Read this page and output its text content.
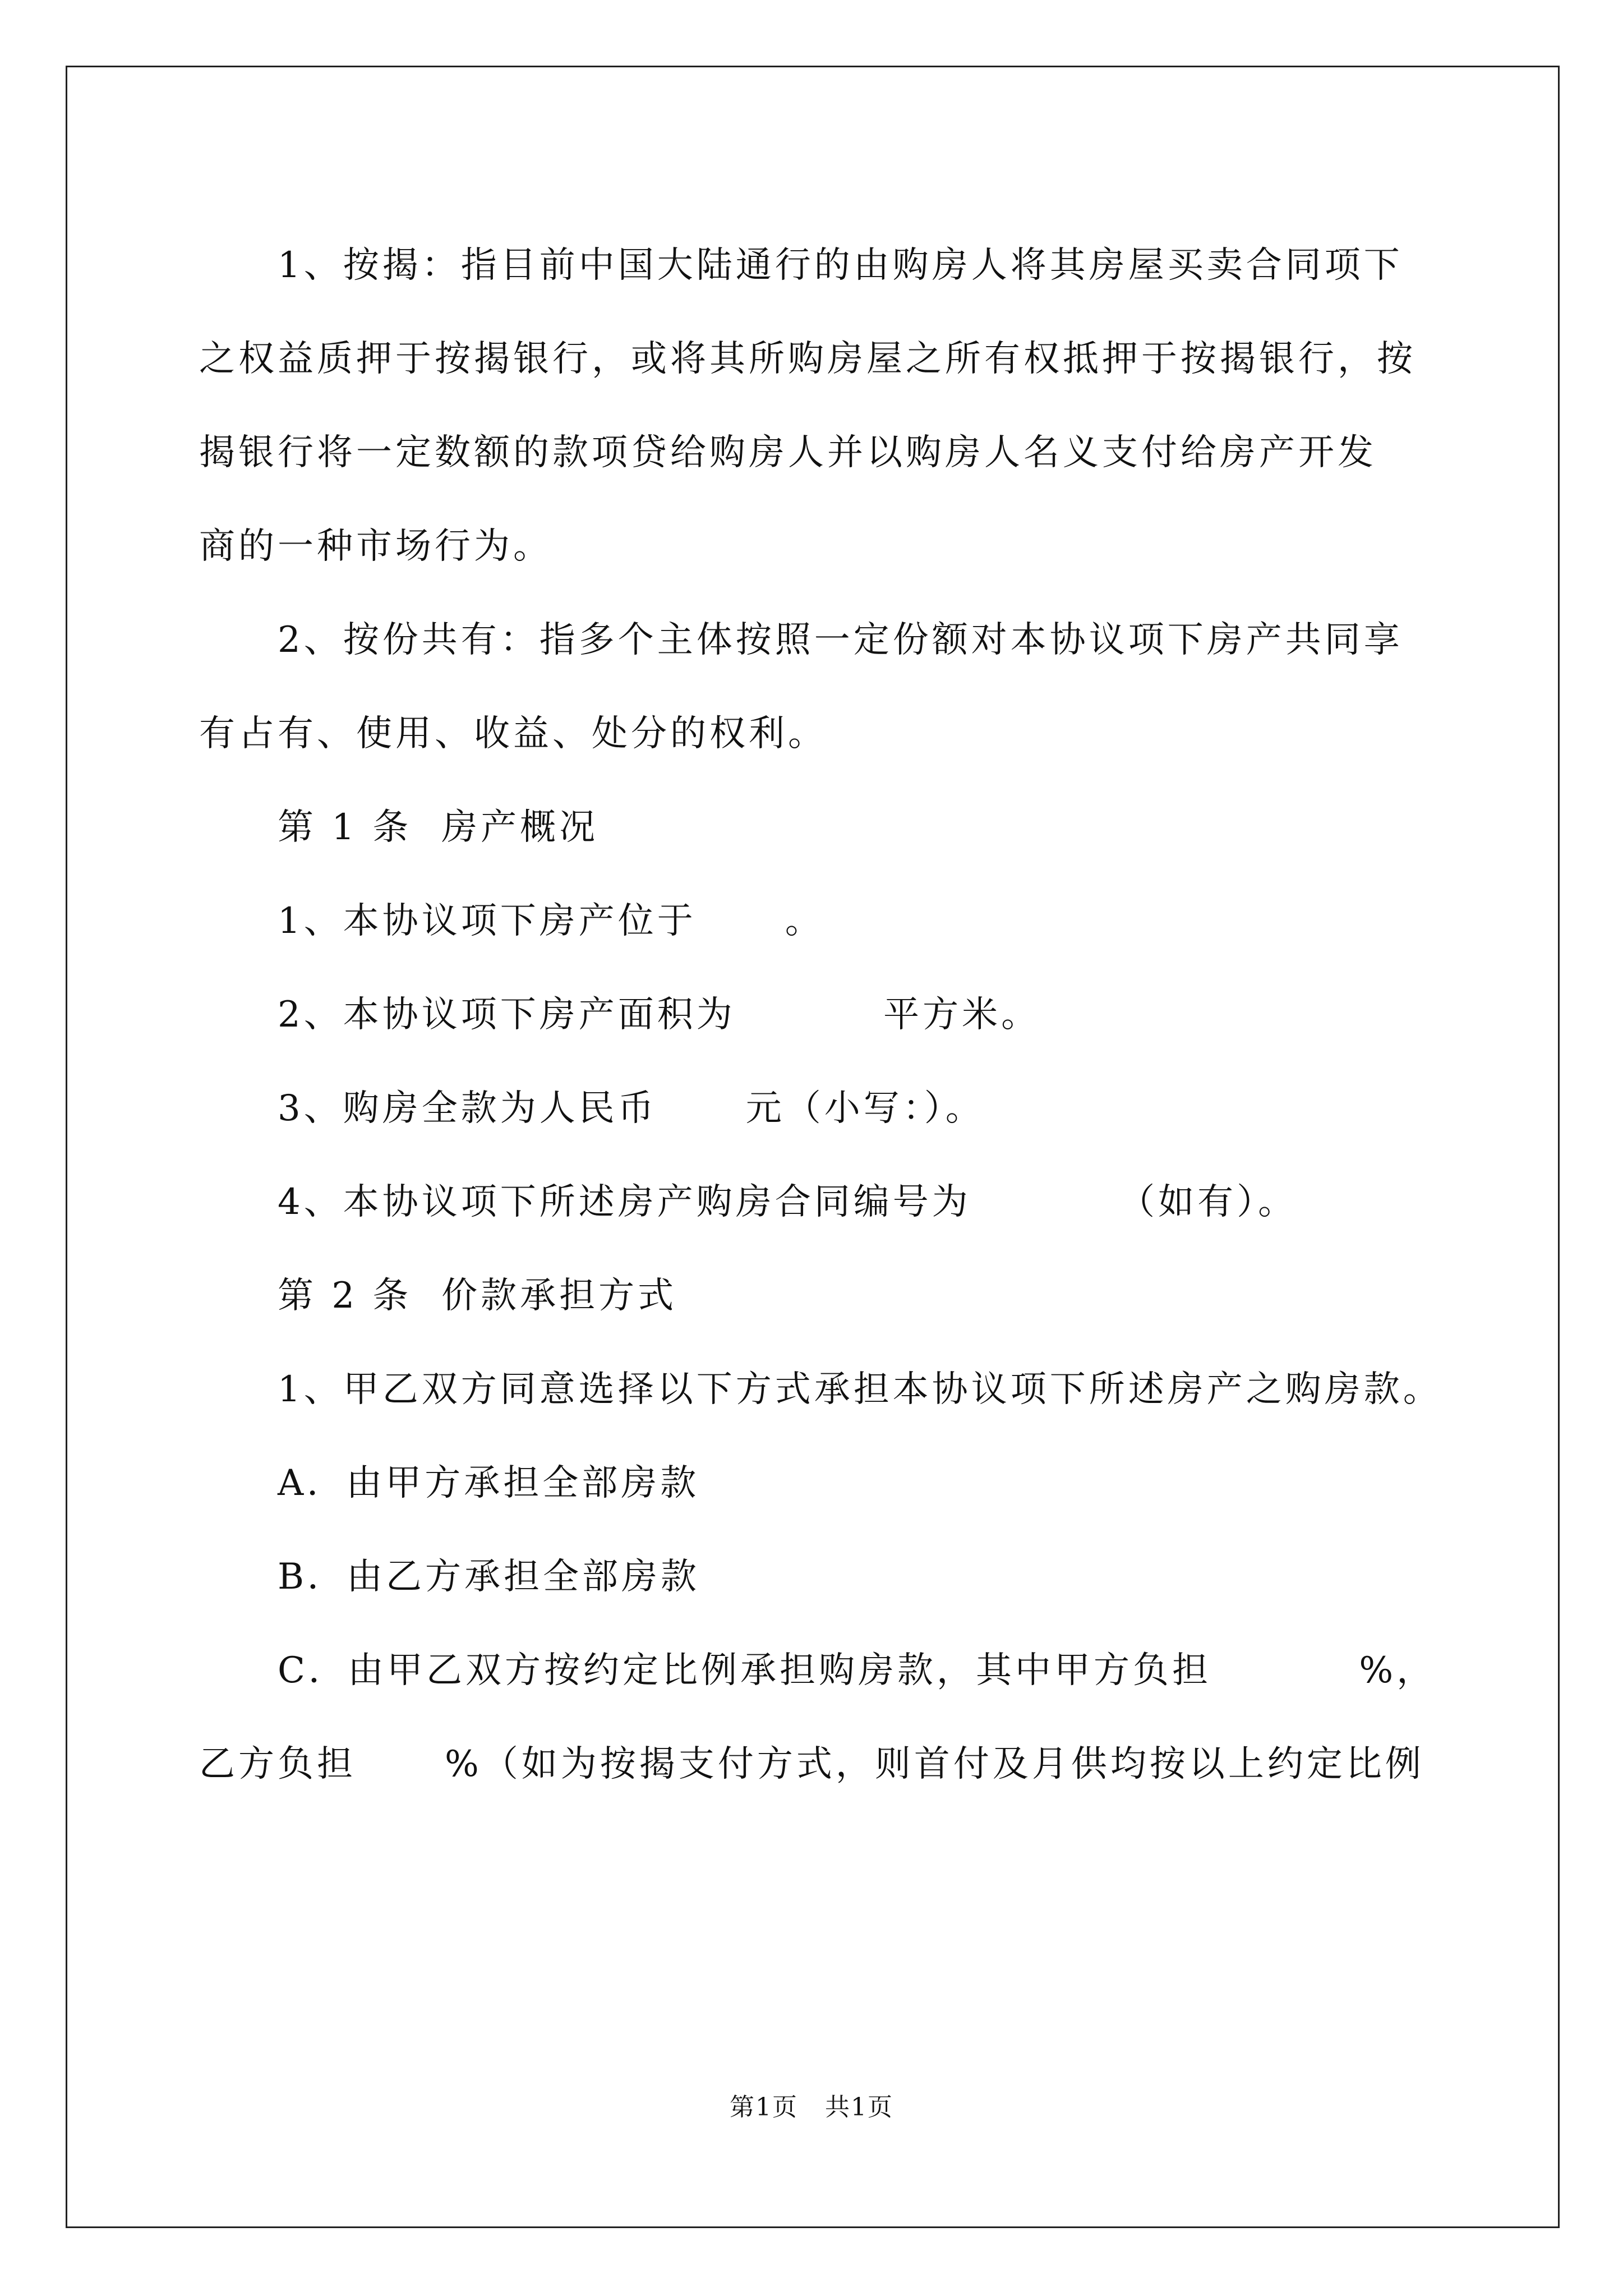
1、按揭：指目前中国大陆通行的由购房人将其房屋买卖合同项下
之权益质押于按揭银行，或将其所购房屋之所有权抵押于按揭银行，按
揭银行将一定数额的款项贷给购房人并以购房人名义支付给房产开发
商的一种市场行为。
2、按份共有：指多个主体按照一定份额对本协议项下房产共同享
有占有、使用、收益、处分的权利。
第 1 条  房产概况
1、本协议项下房产位于      。
2、本协议项下房产面积为          平方米。
3、购房全款为人民币      元（小写：）。
4、本协议项下所述房产购房合同编号为          （如有）。
第 2 条  价款承担方式
1、甲乙双方同意选择以下方式承担本协议项下所述房产之购房款。
A．由甲方承担全部房款
B．由乙方承担全部房款
C．由甲乙双方按约定比例承担购房款，其中甲方负担          %，
乙方负担      %（如为按揭支付方式，则首付及月供均按以上约定比例
第1页   共1页
